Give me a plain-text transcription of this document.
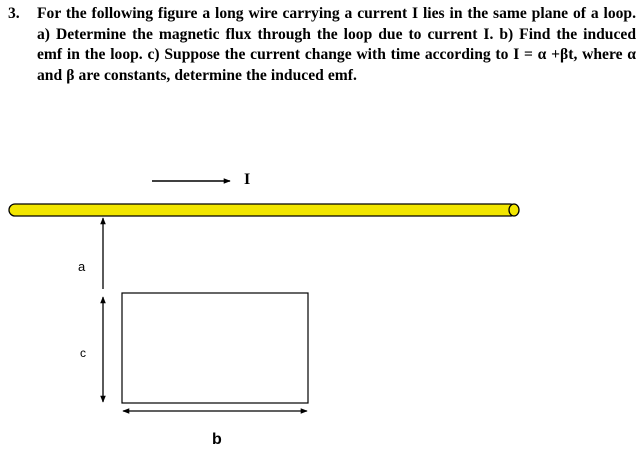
3. For the following figure a long wire carrying a current I lies in the same plane of a loop. a) Determine the magnetic flux through the loop due to current I. b) Find the induced emf in the loop. c) Suppose the current change with time according to I = α +βt, where α and β are constants, determine the induced emf.
I
a
c
b
